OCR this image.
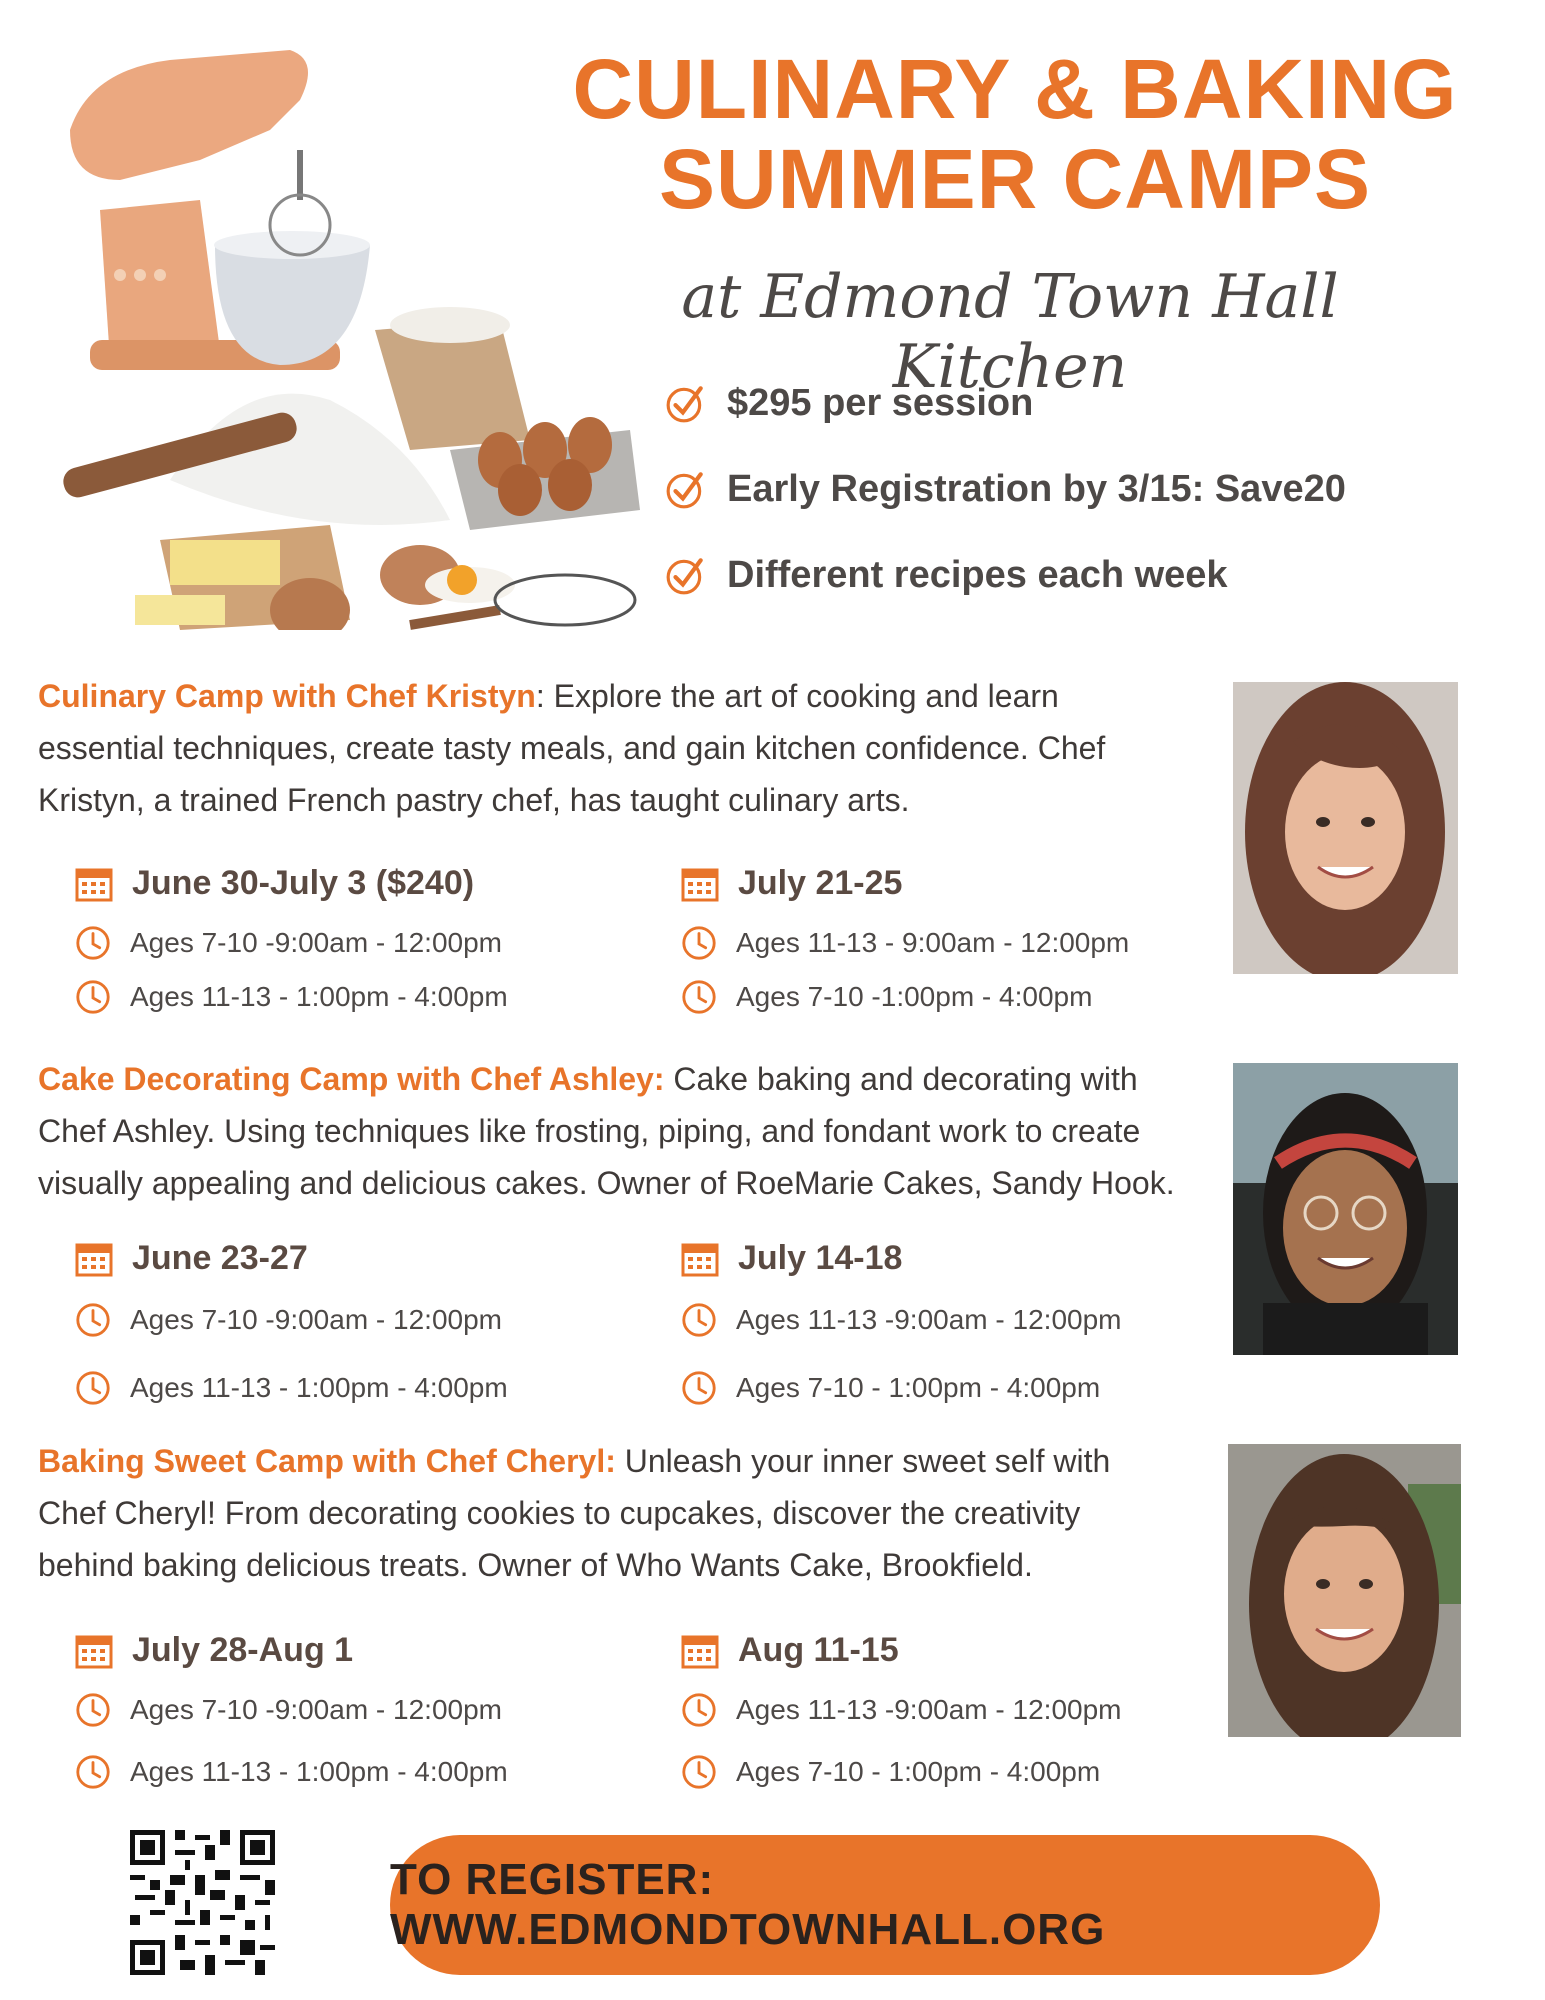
CULINARY & BAKING
SUMMER CAMPS
at Edmond Town Hall Kitchen
$295 per session
Early Registration by 3/15: Save20
Different recipes each week

Culinary Camp with Chef Kristyn: Explore the art of cooking and learn essential techniques, create tasty meals, and gain kitchen confidence. Chef Kristyn, a trained French pastry chef, has taught culinary arts.

June 30-July 3 ($240)
Ages 7-10 -9:00am - 12:00pm
Ages 11-13 - 1:00pm - 4:00pm
July 21-25
Ages 11-13 - 9:00am - 12:00pm
Ages 7-10 -1:00pm - 4:00pm

Cake Decorating Camp with Chef Ashley: Cake baking and decorating with Chef Ashley. Using techniques like frosting, piping, and fondant work to create visually appealing and delicious cakes. Owner of RoeMarie Cakes, Sandy Hook.

June 23-27
Ages 7-10 -9:00am - 12:00pm
Ages 11-13 - 1:00pm - 4:00pm
July 14-18
Ages 11-13 -9:00am - 12:00pm
Ages 7-10 - 1:00pm - 4:00pm

Baking Sweet Camp with Chef Cheryl: Unleash your inner sweet self with Chef Cheryl! From decorating cookies to cupcakes, discover the creativity behind baking delicious treats. Owner of Who Wants Cake, Brookfield.

July 28-Aug 1
Ages 7-10 -9:00am - 12:00pm
Ages 11-13 - 1:00pm - 4:00pm
Aug 11-15
Ages 11-13 -9:00am - 12:00pm
Ages 7-10 - 1:00pm - 4:00pm
TO REGISTER: WWW.EDMONDTOWNHALL.ORG
